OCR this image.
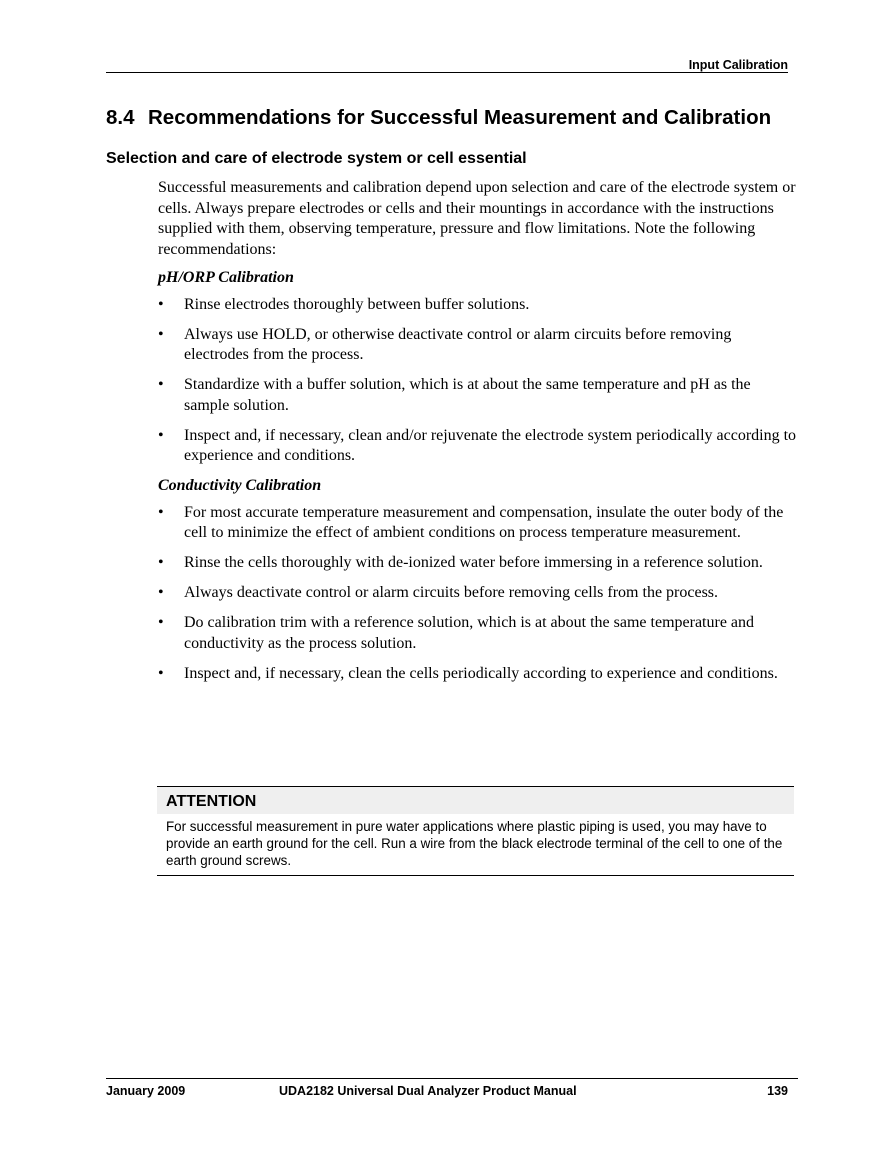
Input Calibration
8.4 Recommendations for Successful Measurement and Calibration
Selection and care of electrode system or cell essential

Successful measurements and calibration depend upon selection and care of the electrode system or cells. Always prepare electrodes or cells and their mountings in accordance with the instructions supplied with them, observing temperature, pressure and flow limitations. Note the following recommendations:

pH/ORP Calibration
•	Rinse electrodes thoroughly between buffer solutions.
•	Always use HOLD, or otherwise deactivate control or alarm circuits before removing electrodes from the process.
•	Standardize with a buffer solution, which is at about the same temperature and pH as the sample solution.
•	Inspect and, if necessary, clean and/or rejuvenate the electrode system periodically according to experience and conditions.
Conductivity Calibration
•	For most accurate temperature measurement and compensation, insulate the outer body of the cell to minimize the effect of ambient conditions on process temperature measurement.
•	Rinse the cells thoroughly with de-ionized water before immersing in a reference solution.
•	Always deactivate control or alarm circuits before removing cells from the process.
•	Do calibration trim with a reference solution, which is at about the same temperature and conductivity as the process solution.
•	Inspect and, if necessary, clean the cells periodically according to experience and conditions.
ATTENTION
For successful measurement in pure water applications where plastic piping is used, you may have to provide an earth ground for the cell. Run a wire from the black electrode terminal of the cell to one of the earth ground screws.
January 2009	UDA2182 Universal Dual Analyzer Product Manual	139
